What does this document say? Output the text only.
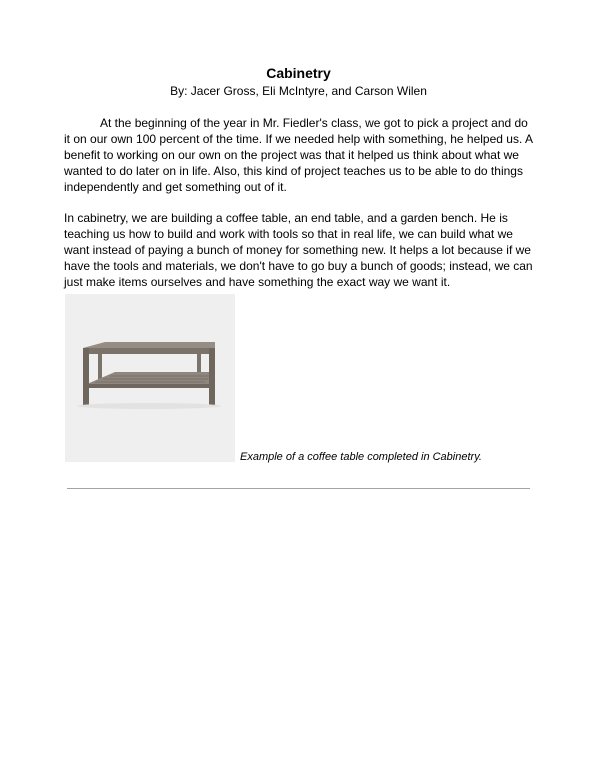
Cabinetry
By: Jacer Gross, Eli McIntyre, and Carson Wilen

At the beginning of the year in Mr. Fiedler's class, we got to pick a project and do it on our own 100 percent of the time. If we needed help with something, he helped us. A benefit to working on our own on the project was that it helped us think about what we wanted to do later on in life. Also, this kind of project teaches us to be able to do things independently and get something out of it.

In cabinetry, we are building a coffee table, an end table, and a garden bench. He is teaching us how to build and work with tools so that in real life, we can build what we want instead of paying a bunch of money for something new. It helps a lot because if we have the tools and materials, we don't have to go buy a bunch of goods; instead, we can just make items ourselves and have something the exact way we want it.

Example of a coffee table completed in Cabinetry.
